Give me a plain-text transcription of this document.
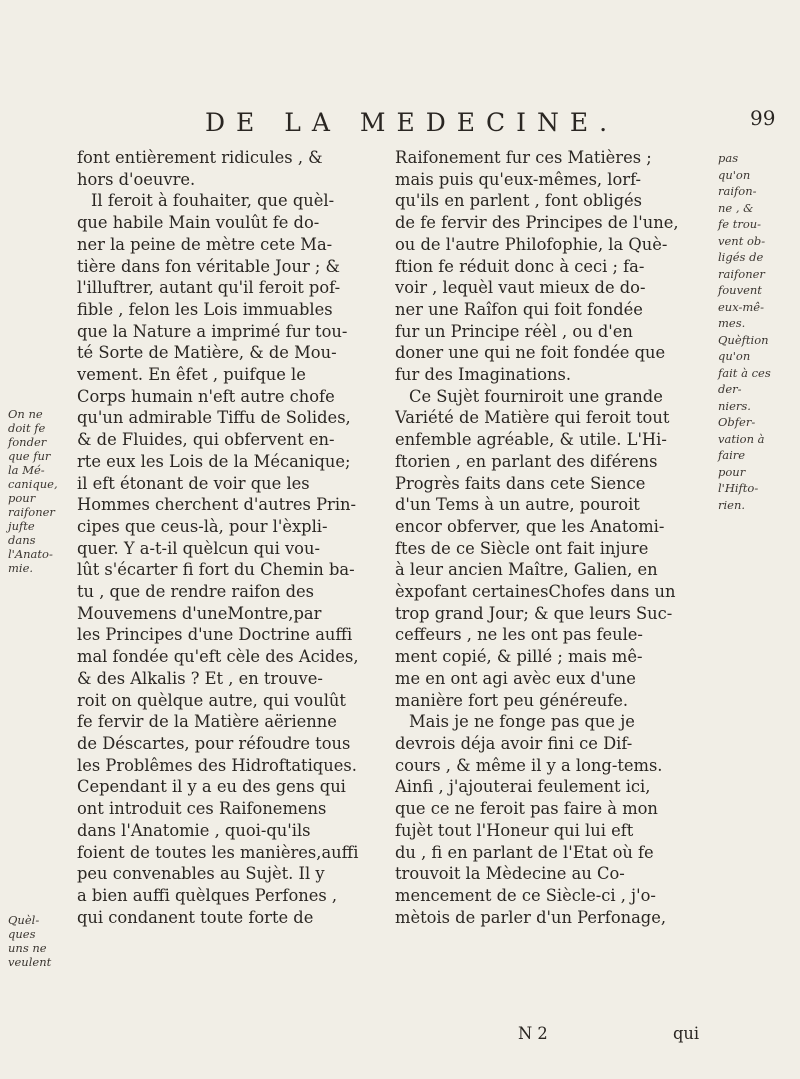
DE LA MEDECINE.	99
font entièrement ridicules , &
hors d'oeuvre.
Il feroit à fouhaiter, que quèl-
que habile Main voulût fe do-
ner la peine de mètre cete Ma-
tière dans fon véritable Jour ; &
l'illuftrer, autant qu'il feroit pof-
fible , felon les Lois immuables
que la Nature a imprimé fur tou-
té Sorte de Matière, & de Mou-
vement. En êfet , puifque le
Corps humain n'eft autre chofe
qu'un admirable Tiffu de Solides,
& de Fluides, qui obfervent en-
rte eux les Lois de la Mécanique;
il eft étonant de voir que les
Hommes cherchent d'autres Prin-
cipes que ceus-là, pour l'èxpli-
quer. Y a-t-il quèlcun qui vou-
lût s'écarter fi fort du Chemin ba-
tu , que de rendre raifon des
Mouvemens d'uneMontre,par
les Principes d'une Doctrine auffi
mal fondée qu'eft cèle des Acides,
& des Alkalis ? Et , en trouve-
roit on quèlque autre, qui voulût
fe fervir de la Matière aërienne
de Déscartes, pour réfoudre tous
les Problêmes des Hidroftatiques.
Cependant il y a eu des gens qui
ont introduit ces Raifonemens
dans l'Anatomie , quoi-qu'ils
foient de toutes les manières,auffi
peu convenables au Sujèt. Il y
a bien auffi quèlques Perfones ,
qui condanent toute forte de
Raifonement fur ces Matières ;
mais puis qu'eux-mêmes, lorf-
qu'ils en parlent , font obligés
de fe fervir des Principes de l'une,
ou de l'autre Philofophie, la Què-
ftion fe réduit donc à ceci ; fa-
voir , lequèl vaut mieux de do-
ner une Raîfon qui foit fondée
fur un Principe réèl , ou d'en
doner une qui ne foit fondée que
fur des Imaginations.
Ce Sujèt fourniroit une grande
Variété de Matière qui feroit tout
enfemble agréable, & utile. L'Hi-
ftorien , en parlant des diférens
Progrès faits dans cete Sience
d'un Tems à un autre, pouroit
encor obferver, que les Anatomi-
ftes de ce Siècle ont fait injure
à leur ancien Maître, Galien, en
èxpofant certainesChofes dans un
trop grand Jour; & que leurs Suc-
ceffeurs , ne les ont pas feule-
ment copié, & pillé ; mais mê-
me en ont agi avèc eux d'une
manière fort peu généreufe.
Mais je ne fonge pas que je
devrois déja avoir fini ce Dif-
cours , & même il y a long-tems.
Ainfi , j'ajouterai feulement ici,
que ce ne feroit pas faire à mon
fujèt tout l'Honeur qui lui eft
du , fi en parlant de l'Etat où fe
trouvoit la Mèdecine au Co-
mencement de ce Siècle-ci , j'o-
mètois de parler d'un Perfonage,
On ne
doit fe
fonder
que fur
la Mé-
canique,
pour
raifoner
jufte
dans
l'Anato-
mie.
Quèl-
ques
uns ne
veulent
pas
qu'on
raifon-
ne , &
fe trou-
vent ob-
ligés de
raifoner
fouvent
eux-mê-
mes.
Quèftion
qu'on
fait à ces
der-
niers.
Obfer-
vation à
faire
pour
l'Hifto-
rien.
N 2	qui
